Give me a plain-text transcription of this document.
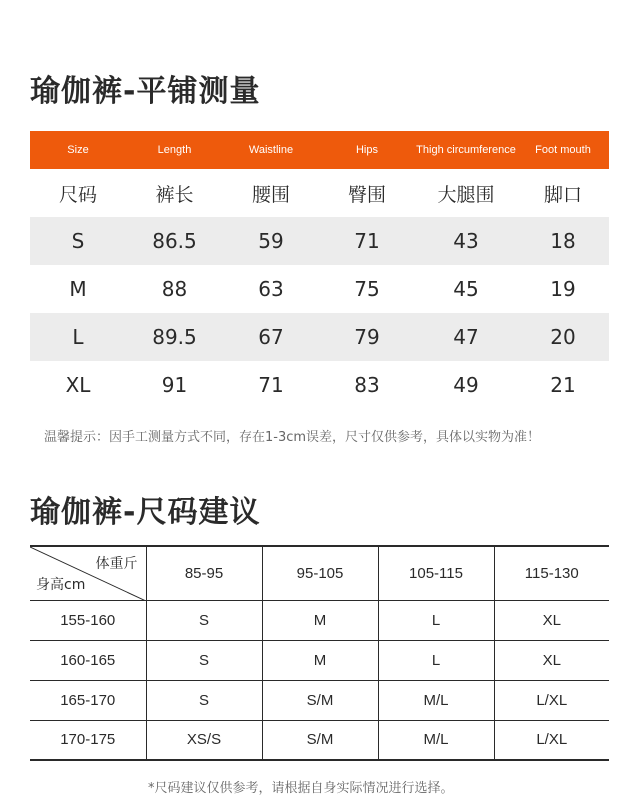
瑜伽裤-平铺测量
Size	Length	Waistline	Hips	Thigh circumference	Foot mouth
尺码	裤长	腰围	臀围	大腿围	脚口
S	86.5	59	71	43	18
M	88	63	75	45	19
L	89.5	67	79	47	20
XL	91	71	83	49	21
温馨提示：因手工测量方式不同，存在1-3cm误差，尺寸仅供参考，具体以实物为准！
瑜伽裤-尺码建议
体重斤
身高cm	85-95	95-105	105-115	115-130
155-160	S	M	L	XL
160-165	S	M	L	XL
165-170	S	S/M	M/L	L/XL
170-175	XS/S	S/M	M/L	L/XL
*尺码建议仅供参考，请根据自身实际情况进行选择。
